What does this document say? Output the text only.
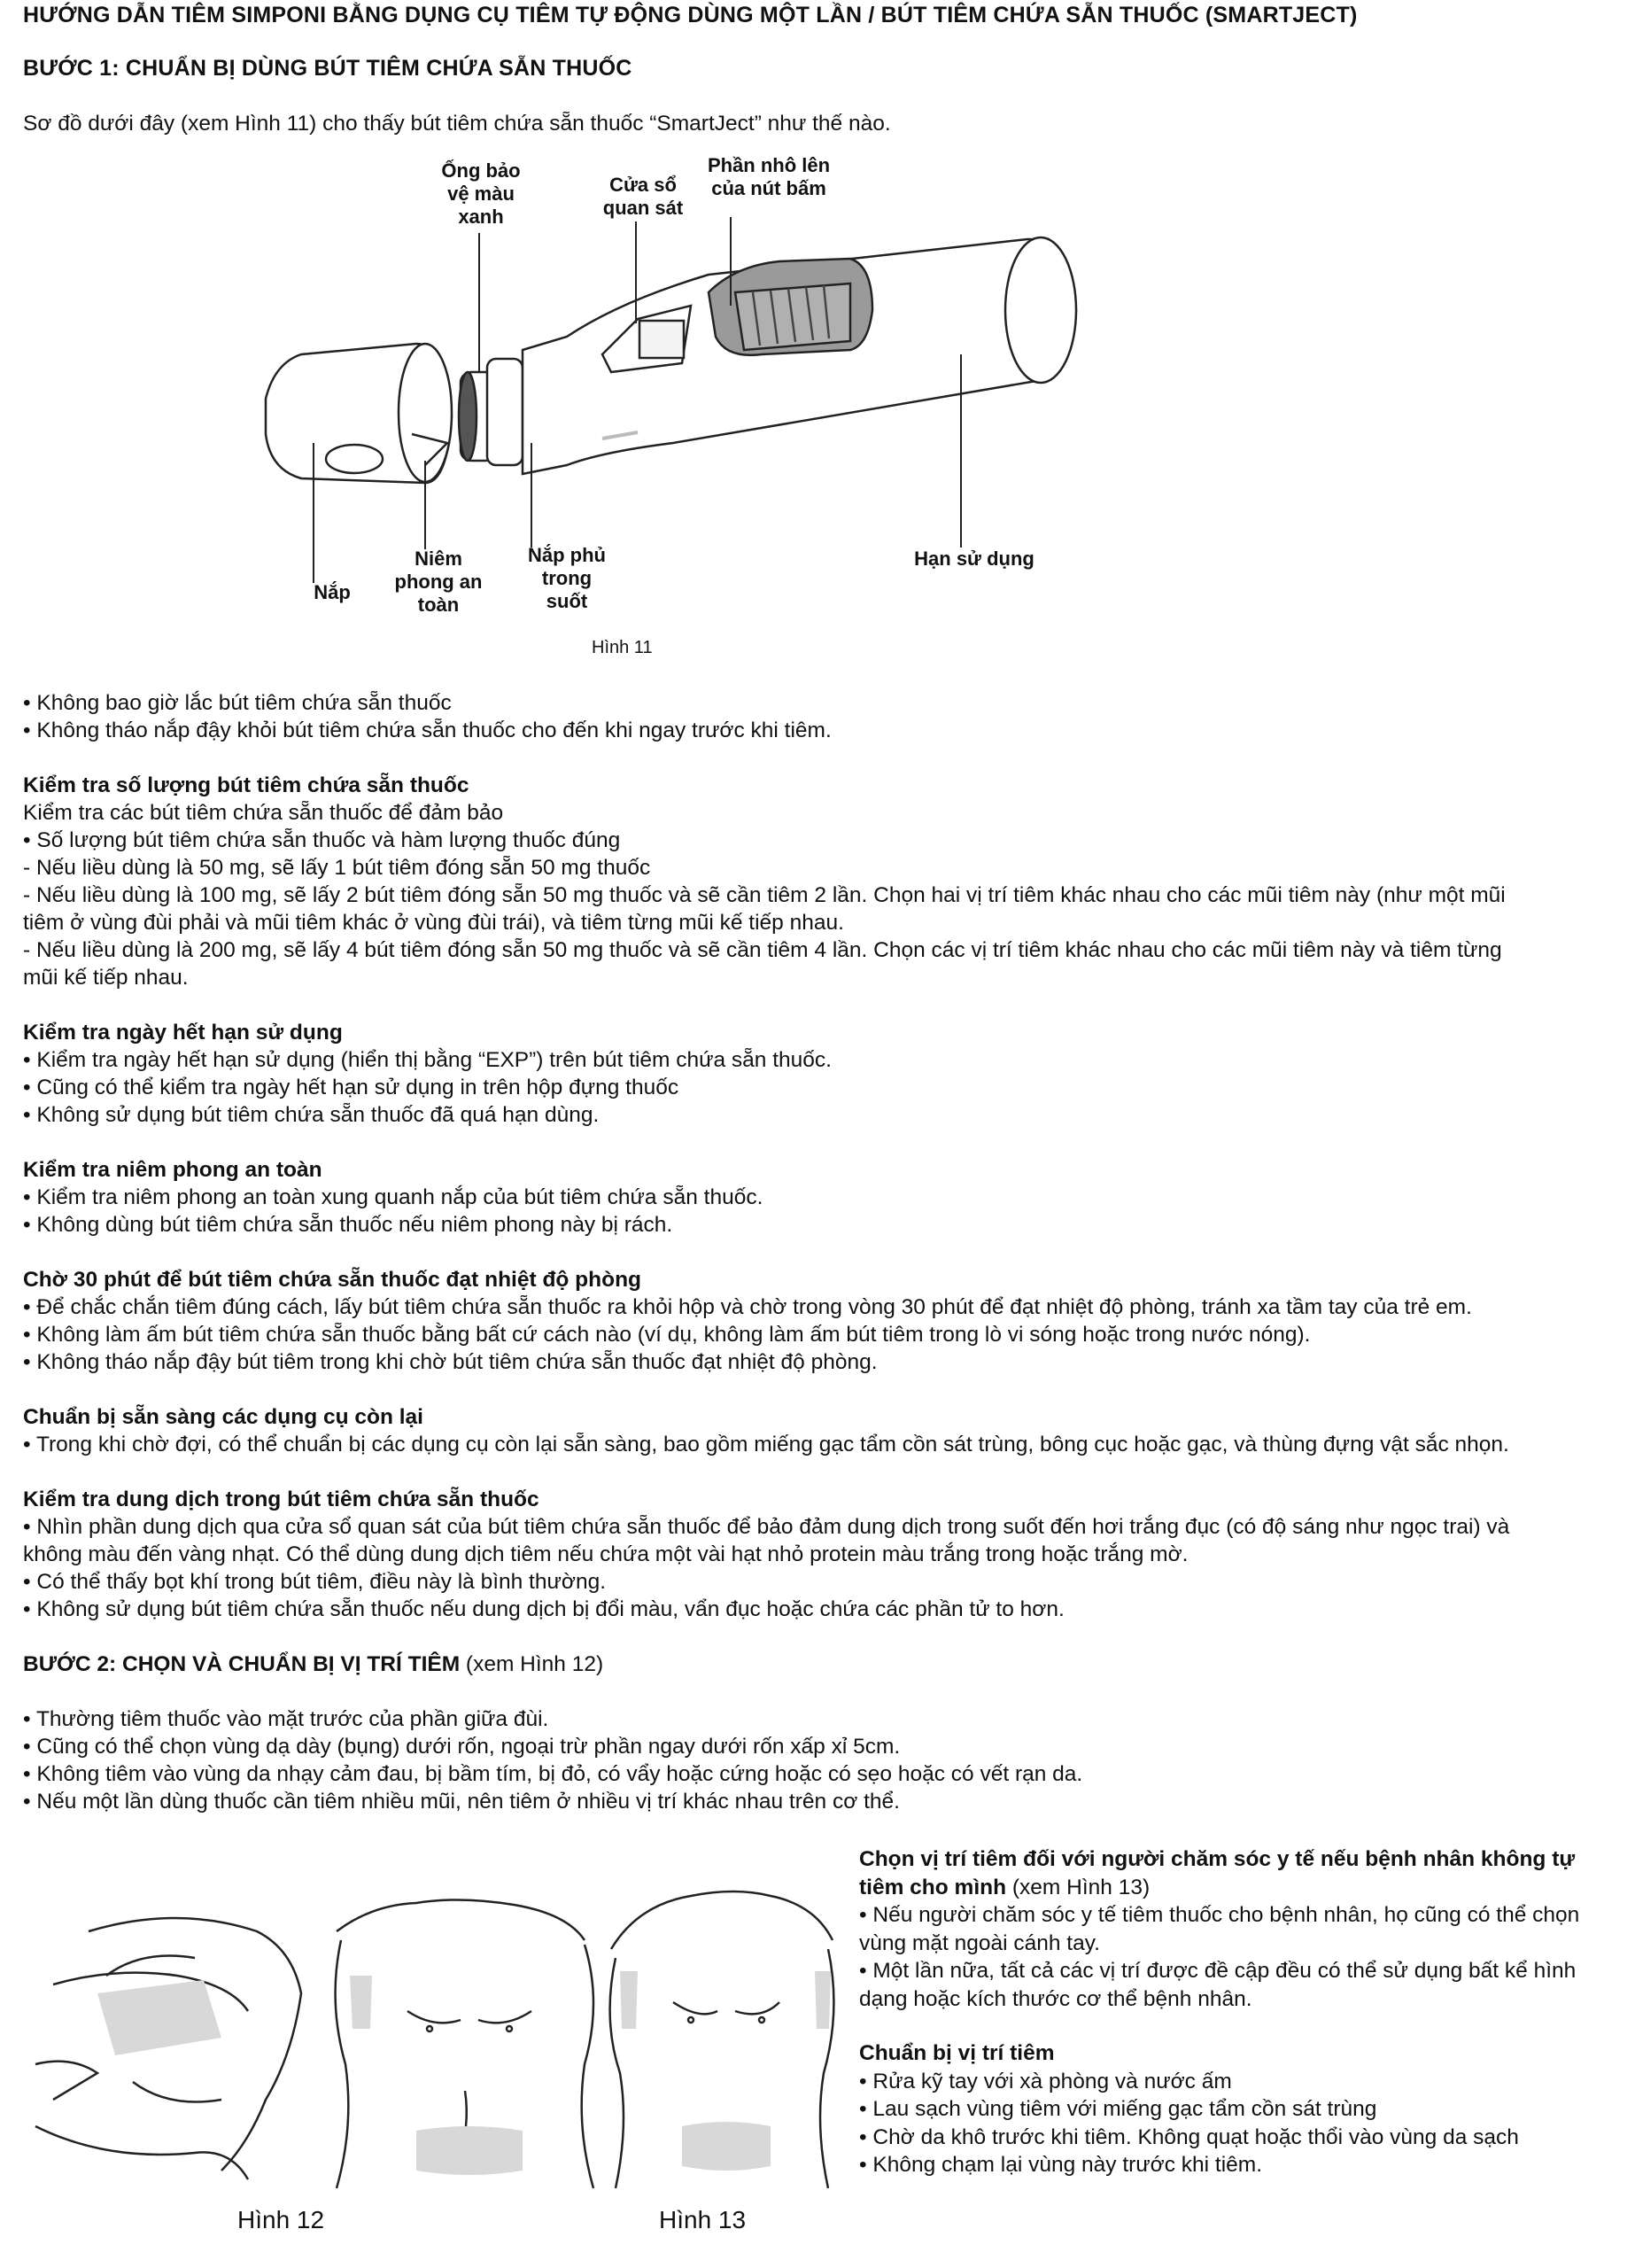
HƯỚNG DẪN TIÊM SIMPONI BẰNG DỤNG CỤ TIÊM TỰ ĐỘNG DÙNG MỘT LẦN / BÚT TIÊM CHỨA SẴN THUỐC (SMARTJECT)
BƯỚC 1: CHUẨN BỊ DÙNG BÚT TIÊM CHỨA SẴN THUỐC
Sơ đồ dưới đây (xem Hình 11) cho thấy bút tiêm chứa sẵn thuốc “SmartJect” như thế nào.
Ống bảo
vệ màu
xanh
Cửa sổ
quan sát
Phần nhô lên
của nút bấm
Nắp
Niêm
phong an
toàn
Nắp phủ
trong
suốt
Hạn sử dụng
Hình 11
• Không bao giờ lắc bút tiêm chứa sẵn thuốc
• Không tháo nắp đậy khỏi bút tiêm chứa sẵn thuốc cho đến khi ngay trước khi tiêm.
Kiểm tra số lượng bút tiêm chứa sẵn thuốc
Kiểm tra các bút tiêm chứa sẵn thuốc để đảm bảo
• Số lượng bút tiêm chứa sẵn thuốc và hàm lượng thuốc đúng
- Nếu liều dùng là 50 mg, sẽ lấy 1 bút tiêm đóng sẵn 50 mg thuốc
- Nếu liều dùng là 100 mg, sẽ lấy 2 bút tiêm đóng sẵn 50 mg thuốc và sẽ cần tiêm 2 lần. Chọn hai vị trí tiêm khác nhau cho các mũi tiêm này (như một mũi
tiêm ở vùng đùi phải và mũi tiêm khác ở vùng đùi trái), và tiêm từng mũi kế tiếp nhau.
- Nếu liều dùng là 200 mg, sẽ lấy 4 bút tiêm đóng sẵn 50 mg thuốc và sẽ cần tiêm 4 lần. Chọn các vị trí tiêm khác nhau cho các mũi tiêm này và tiêm từng
mũi kế tiếp nhau.
Kiểm tra ngày hết hạn sử dụng
• Kiểm tra ngày hết hạn sử dụng (hiển thị bằng “EXP”) trên bút tiêm chứa sẵn thuốc.
• Cũng có thể kiểm tra ngày hết hạn sử dụng in trên hộp đựng thuốc
• Không sử dụng bút tiêm chứa sẵn thuốc đã quá hạn dùng.
Kiểm tra niêm phong an toàn
• Kiểm tra niêm phong an toàn xung quanh nắp của bút tiêm chứa sẵn thuốc.
• Không dùng bút tiêm chứa sẵn thuốc nếu niêm phong này bị rách.
Chờ 30 phút để bút tiêm chứa sẵn thuốc đạt nhiệt độ phòng
• Để chắc chắn tiêm đúng cách, lấy bút tiêm chứa sẵn thuốc ra khỏi hộp và chờ trong vòng 30 phút để đạt nhiệt độ phòng, tránh xa tầm tay của trẻ em.
• Không làm ấm bút tiêm chứa sẵn thuốc bằng bất cứ cách nào (ví dụ, không làm ấm bút tiêm trong lò vi sóng hoặc trong nước nóng).
• Không tháo nắp đậy bút tiêm trong khi chờ bút tiêm chứa sẵn thuốc đạt nhiệt độ phòng.
Chuẩn bị sẵn sàng các dụng cụ còn lại
• Trong khi chờ đợi, có thể chuẩn bị các dụng cụ còn lại sẵn sàng, bao gồm miếng gạc tẩm cồn sát trùng, bông cục hoặc gạc, và thùng đựng vật sắc nhọn.
Kiểm tra dung dịch trong bút tiêm chứa sẵn thuốc
• Nhìn phần dung dịch qua cửa sổ quan sát của bút tiêm chứa sẵn thuốc để bảo đảm dung dịch trong suốt đến hơi trắng đục (có độ sáng như ngọc trai) và
không màu đến vàng nhạt. Có thể dùng dung dịch tiêm nếu chứa một vài hạt nhỏ protein màu trắng trong hoặc trắng mờ.
• Có thể thấy bọt khí trong bút tiêm, điều này là bình thường.
• Không sử dụng bút tiêm chứa sẵn thuốc nếu dung dịch bị đổi màu, vẩn đục hoặc chứa các phần tử to hơn.
BƯỚC 2: CHỌN VÀ CHUẨN BỊ VỊ TRÍ TIÊM (xem Hình 12)
• Thường tiêm thuốc vào mặt trước của phần giữa đùi.
• Cũng có thể chọn vùng dạ dày (bụng) dưới rốn, ngoại trừ phần ngay dưới rốn xấp xỉ 5cm.
• Không tiêm vào vùng da nhạy cảm đau, bị bầm tím, bị đỏ, có vẩy hoặc cứng hoặc có sẹo hoặc có vết rạn da.
• Nếu một lần dùng thuốc cần tiêm nhiều mũi, nên tiêm ở nhiều vị trí khác nhau trên cơ thể.
Hình 12	Hình 13
Chọn vị trí tiêm đối với người chăm sóc y tế nếu bệnh nhân không tự
tiêm cho mình (xem Hình 13)
• Nếu người chăm sóc y tế tiêm thuốc cho bệnh nhân, họ cũng có thể chọn vùng mặt ngoài cánh tay.
• Một lần nữa, tất cả các vị trí được đề cập đều có thể sử dụng bất kể hình dạng hoặc kích thước cơ thể bệnh nhân.
Chuẩn bị vị trí tiêm
• Rửa kỹ tay với xà phòng và nước ấm
• Lau sạch vùng tiêm với miếng gạc tẩm cồn sát trùng
• Chờ da khô trước khi tiêm. Không quạt hoặc thổi vào vùng da sạch
• Không chạm lại vùng này trước khi tiêm.
